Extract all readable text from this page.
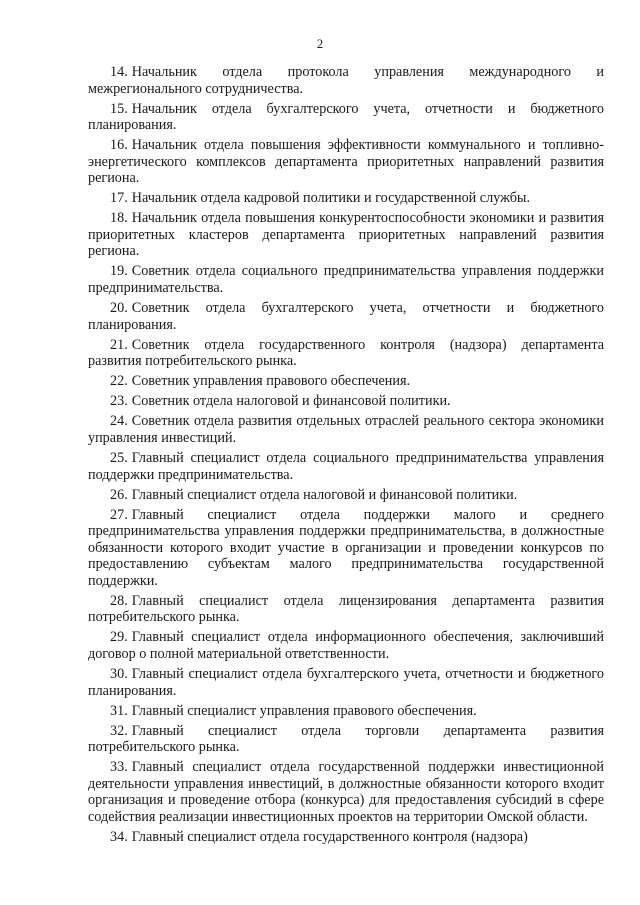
2

14. Начальник отдела протокола управления международного и межрегионального сотрудничества.

15. Начальник отдела бухгалтерского учета, отчетности и бюджетного планирования.

16. Начальник отдела повышения эффективности коммунального и топливно-энергетического комплексов департамента приоритетных направлений развития региона.

17. Начальник отдела кадровой политики и государственной службы.

18. Начальник отдела повышения конкурентоспособности экономики и развития приоритетных кластеров департамента приоритетных направлений развития региона.

19. Советник отдела социального предпринимательства управления поддержки предпринимательства.

20. Советник отдела бухгалтерского учета, отчетности и бюджетного планирования.

21. Советник отдела государственного контроля (надзора) департамента развития потребительского рынка.

22. Советник управления правового обеспечения.

23. Советник отдела налоговой и финансовой политики.

24. Советник отдела развития отдельных отраслей реального сектора экономики управления инвестиций.

25. Главный специалист отдела социального предпринимательства управления поддержки предпринимательства.

26. Главный специалист отдела налоговой и финансовой политики.

27. Главный специалист отдела поддержки малого и среднего предпринимательства управления поддержки предпринимательства, в должностные обязанности которого входит участие в организации и проведении конкурсов по предоставлению субъектам малого предпринимательства государственной поддержки.

28. Главный специалист отдела лицензирования департамента развития потребительского рынка.

29. Главный специалист отдела информационного обеспечения, заключивший договор о полной материальной ответственности.

30. Главный специалист отдела бухгалтерского учета, отчетности и бюджетного планирования.

31. Главный специалист управления правового обеспечения.

32. Главный специалист отдела торговли департамента развития потребительского рынка.

33. Главный специалист отдела государственной поддержки инвестиционной деятельности управления инвестиций, в должностные обязанности которого входит организация и проведение отбора (конкурса) для предоставления субсидий в сфере содействия реализации инвестиционных проектов на территории Омской области.

34. Главный специалист отдела государственного контроля (надзора)
